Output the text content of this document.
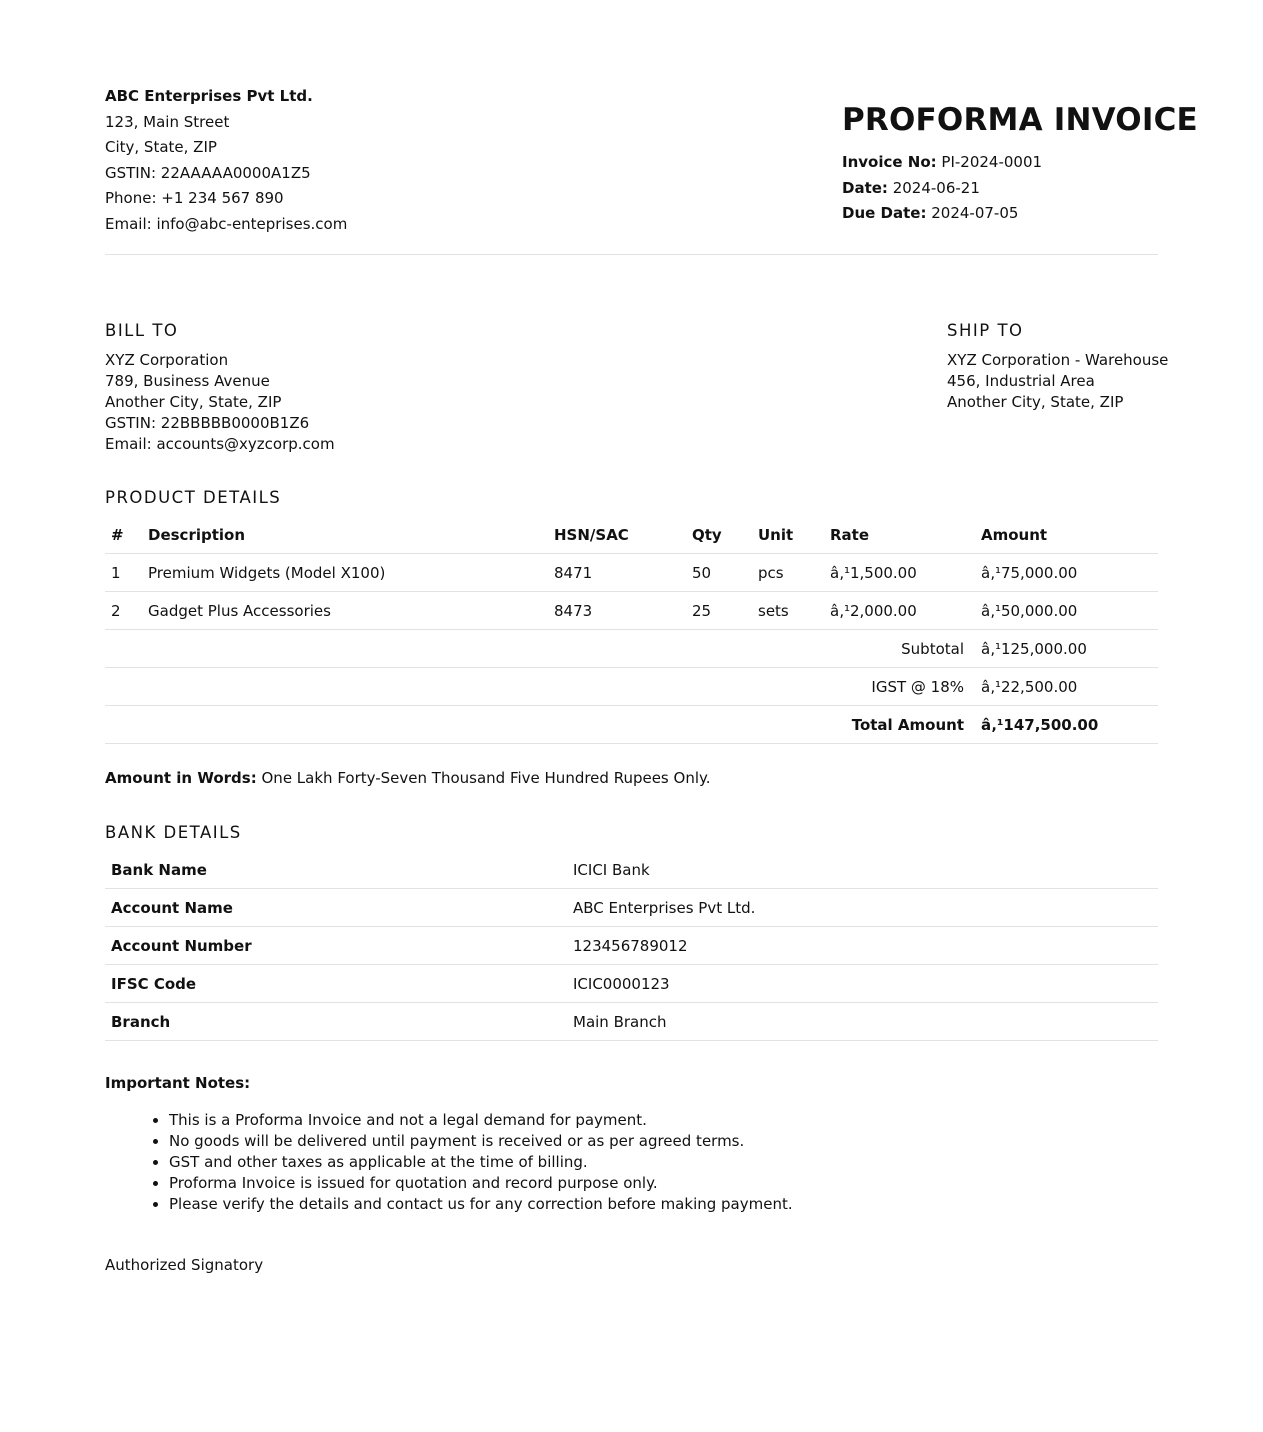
ABC Enterprises Pvt Ltd.
123, Main Street
City, State, ZIP
GSTIN: 22AAAAA0000A1Z5
Phone: +1 234 567 890
Email: info@abc-enteprises.com
PROFORMA INVOICE
Invoice No: PI-2024-0001
Date: 2024-06-21
Due Date: 2024-07-05
BILL TO
XYZ Corporation
789, Business Avenue
Another City, State, ZIP
GSTIN: 22BBBBB0000B1Z6
Email: accounts@xyzcorp.com
SHIP TO
XYZ Corporation - Warehouse
456, Industrial Area
Another City, State, ZIP
PRODUCT DETAILS
#	Description	HSN/SAC	Qty	Unit	Rate	Amount
1	Premium Widgets (Model X100)	8471	50	pcs	â‚¹1,500.00	â‚¹75,000.00
2	Gadget Plus Accessories	8473	25	sets	â‚¹2,000.00	â‚¹50,000.00
Subtotal						â‚¹125,000.00
IGST @ 18%						â‚¹22,500.00
Total Amount						â‚¹147,500.00
Amount in Words: One Lakh Forty-Seven Thousand Five Hundred Rupees Only.
BANK DETAILS
Bank Name	ICICI Bank
Account Name	ABC Enterprises Pvt Ltd.
Account Number	123456789012
IFSC Code	ICIC0000123
Branch	Main Branch
Important Notes:
• This is a Proforma Invoice and not a legal demand for payment.
• No goods will be delivered until payment is received or as per agreed terms.
• GST and other taxes as applicable at the time of billing.
• Proforma Invoice is issued for quotation and record purpose only.
• Please verify the details and contact us for any correction before making payment.
Authorized Signatory
